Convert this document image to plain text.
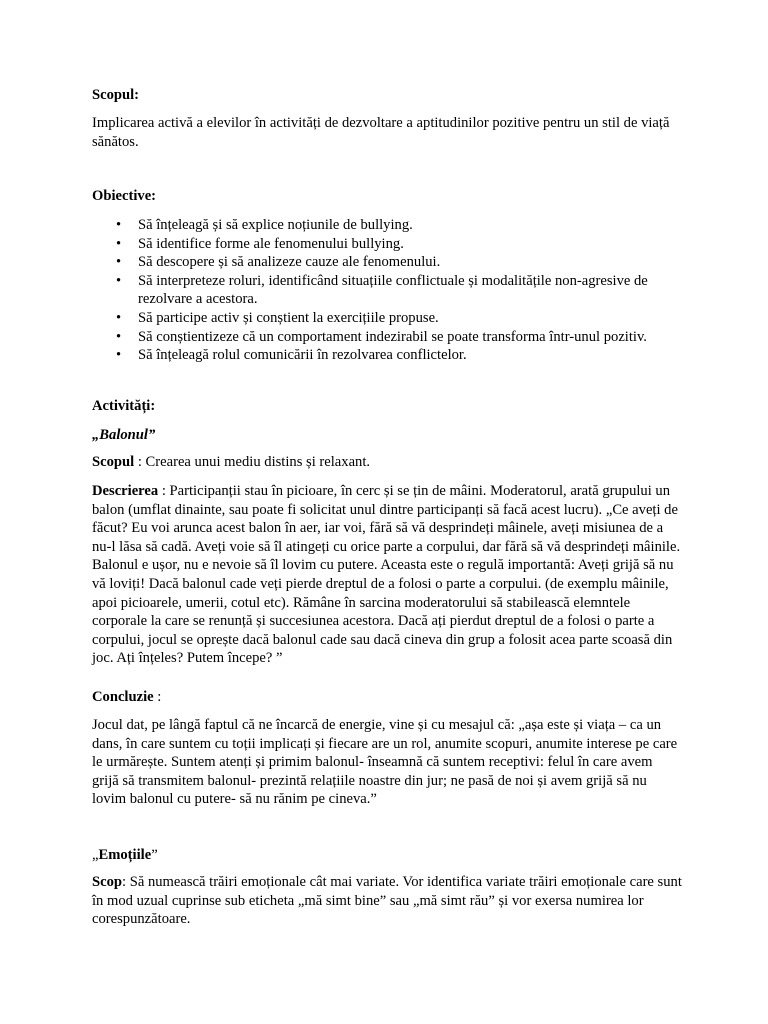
Scopul:

Implicarea activă a elevilor în activități de dezvoltare a aptitudinilor pozitive pentru un stil de viață sănătos.

Obiective:
• Să înțeleagă și să explice noțiunile de bullying.
• Să identifice forme ale fenomenului bullying.
• Să descopere și să analizeze cauze ale fenomenului.
• Să interpreteze roluri, identificând situațiile conflictuale și modalitățile non-agresive de rezolvare a acestora.
• Să participe activ și conștient la exercițiile propuse.
• Să conștientizeze că un comportament indezirabil se poate transforma într-unul pozitiv.
• Să înțeleagă rolul comunicării în rezolvarea conflictelor.
Activități:
„Balonul”

Scopul : Crearea unui mediu distins și relaxant.

Descrierea : Participanții stau în picioare, în cerc și se țin de mâini. Moderatorul, arată grupului un balon (umflat dinainte, sau poate fi solicitat unul dintre participanți să facă acest lucru). „Ce aveți de făcut? Eu voi arunca acest balon în aer, iar voi, fără să vă desprindeți mâinele, aveți misiunea de a nu-l lăsa să cadă. Aveți voie să îl atingeți cu orice parte a corpului, dar fără să vă desprindeți mâinile. Balonul e ușor, nu e nevoie să îl lovim cu putere. Aceasta este o regulă importantă: Aveți grijă să nu vă loviți! Dacă balonul cade veți pierde dreptul de a folosi o parte a corpului. (de exemplu mâinile, apoi picioarele, umerii, cotul etc). Rămâne în sarcina moderatorului să stabilească elemntele corporale la care se renunță și succesiunea acestora. Dacă ați pierdut dreptul de a folosi o parte a corpului, jocul se oprește dacă balonul cade sau dacă cineva din grup a folosit acea parte scoasă din joc. Ați înțeles? Putem începe? ”

Concluzie :

Jocul dat, pe lângă faptul că ne încarcă de energie, vine și cu mesajul că: „așa este și viața – ca un dans, în care suntem cu toții implicați și fiecare are un rol, anumite scopuri, anumite interese pe care le urmărește. Suntem atenți și primim balonul- înseamnă că suntem receptivi: felul în care avem grijă să transmitem balonul- prezintă relațiile noastre din jur; ne pasă de noi și avem grijă să nu lovim balonul cu putere- să nu rănim pe cineva.”

„Emoțiile”

Scop: Să numească trăiri emoționale cât mai variate. Vor identifica variate trăiri emoționale care sunt în mod uzual cuprinse sub eticheta „mă simt bine” sau „mă simt rău” și vor exersa numirea lor corespunzătoare.
